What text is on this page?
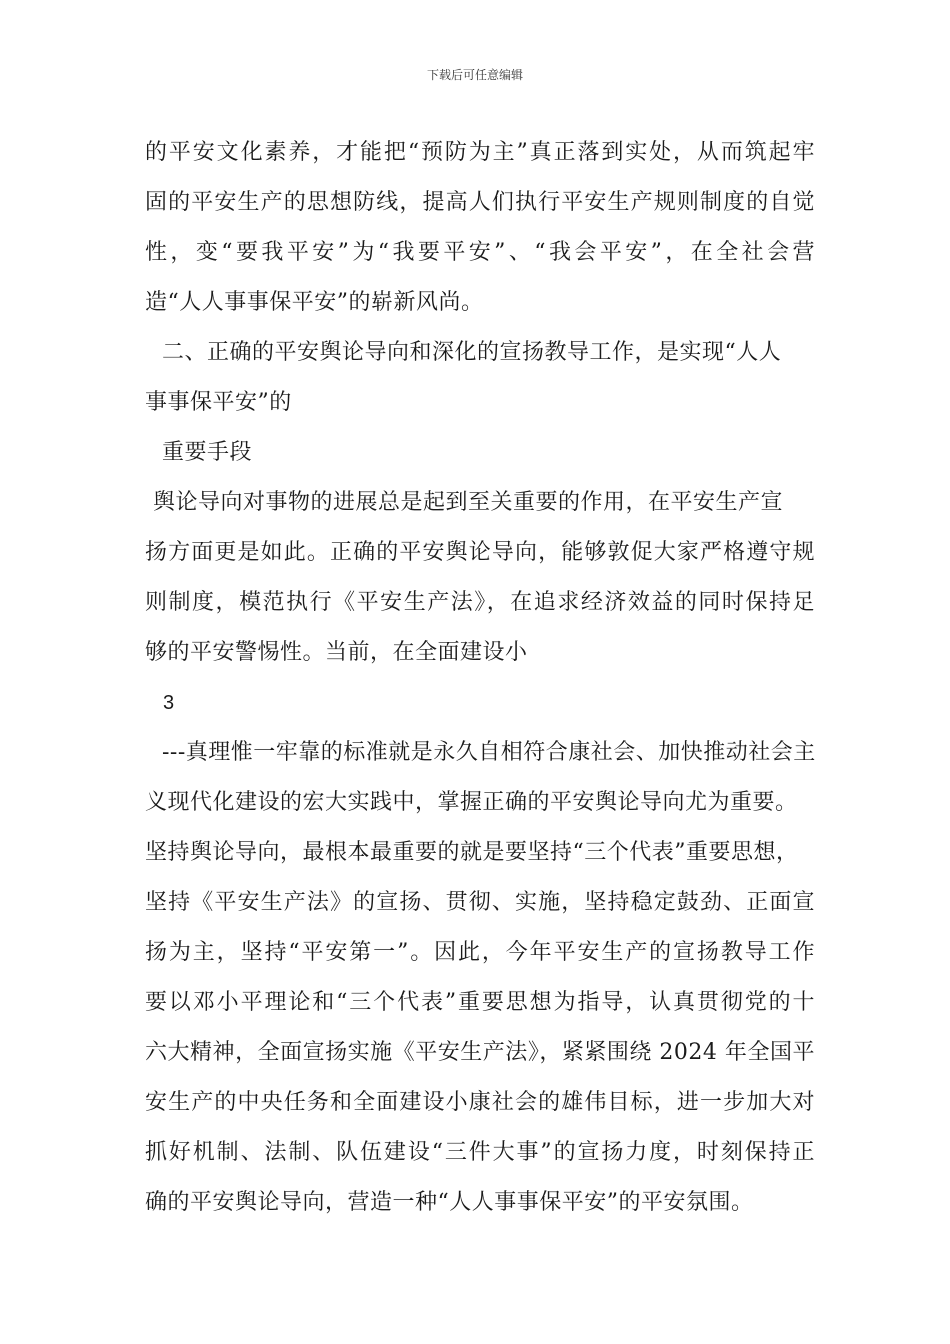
下载后可任意编辑
的平安文化素养，才能把“预防为主”真正落到实处，从而筑起牢
固的平安生产的思想防线，提高人们执行平安生产规则制度的自觉
性，变“要我平安”为“我要平安”、“我会平安”，在全社会营
造“人人事事保平安”的崭新风尚。
二、正确的平安舆论导向和深化的宣扬教导工作，是实现“人人
事事保平安”的
重要手段
舆论导向对事物的进展总是起到至关重要的作用，在平安生产宣
扬方面更是如此。正确的平安舆论导向，能够敦促大家严格遵守规
则制度，模范执行《平安生产法》，在追求经济效益的同时保持足
够的平安警惕性。当前，在全面建设小
3
---真理惟一牢靠的标准就是永久自相符合康社会、加快推动社会主
义现代化建设的宏大实践中，掌握正确的平安舆论导向尤为重要。
坚持舆论导向，最根本最重要的就是要坚持“三个代表”重要思想，
坚持《平安生产法》的宣扬、贯彻、实施，坚持稳定鼓劲、正面宣
扬为主，坚持“平安第一”。因此，今年平安生产的宣扬教导工作
要以邓小平理论和“三个代表”重要思想为指导，认真贯彻党的十
六大精神，全面宣扬实施《平安生产法》，紧紧围绕 2024 年全国平
安生产的中央任务和全面建设小康社会的雄伟目标，进一步加大对
抓好机制、法制、队伍建设“三件大事”的宣扬力度，时刻保持正
确的平安舆论导向，营造一种“人人事事保平安”的平安氛围。
